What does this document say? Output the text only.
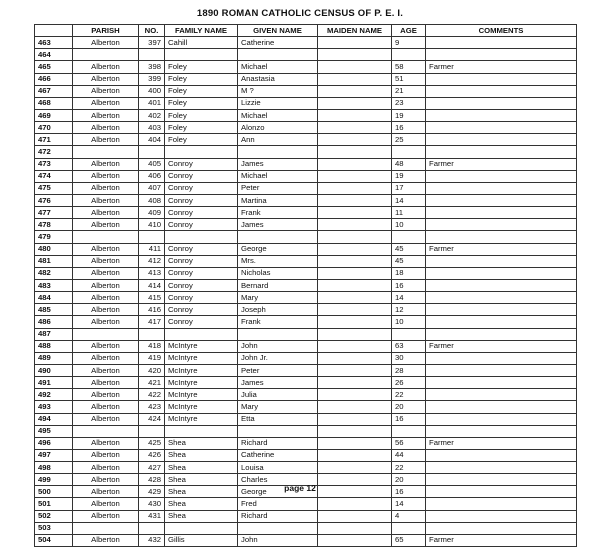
1890 ROMAN CATHOLIC CENSUS OF P. E. I.
	PARISH	NO.	FAMILY NAME	GIVEN NAME	MAIDEN NAME	AGE	COMMENTS
463	Alberton	397	Cahill	Catherine		9	
464							
465	Alberton	398	Foley	Michael		58	Farmer
466	Alberton	399	Foley	Anastasia		51	
467	Alberton	400	Foley	M ?		21	
468	Alberton	401	Foley	Lizzie		23	
469	Alberton	402	Foley	Michael		19	
470	Alberton	403	Foley	Alonzo		16	
471	Alberton	404	Foley	Ann		25	
472							
473	Alberton	405	Conroy	James		48	Farmer
474	Alberton	406	Conroy	Michael		19	
475	Alberton	407	Conroy	Peter		17	
476	Alberton	408	Conroy	Martina		14	
477	Alberton	409	Conroy	Frank		11	
478	Alberton	410	Conroy	James		10	
479							
480	Alberton	411	Conroy	George		45	Farmer
481	Alberton	412	Conroy	Mrs.		45	
482	Alberton	413	Conroy	Nicholas		18	
483	Alberton	414	Conroy	Bernard		16	
484	Alberton	415	Conroy	Mary		14	
485	Alberton	416	Conroy	Joseph		12	
486	Alberton	417	Conroy	Frank		10	
487							
488	Alberton	418	McIntyre	John		63	Farmer
489	Alberton	419	McIntyre	John Jr.		30	
490	Alberton	420	McIntyre	Peter		28	
491	Alberton	421	McIntyre	James		26	
492	Alberton	422	McIntyre	Julia		22	
493	Alberton	423	McIntyre	Mary		20	
494	Alberton	424	McIntyre	Etta		16	
495							
496	Alberton	425	Shea	Richard		56	Farmer
497	Alberton	426	Shea	Catherine		44	
498	Alberton	427	Shea	Louisa		22	
499	Alberton	428	Shea	Charles		20	
500	Alberton	429	Shea	George		16	
501	Alberton	430	Shea	Fred		14	
502	Alberton	431	Shea	Richard		4	
503							
504	Alberton	432	Gillis	John		65	Farmer
page 12
